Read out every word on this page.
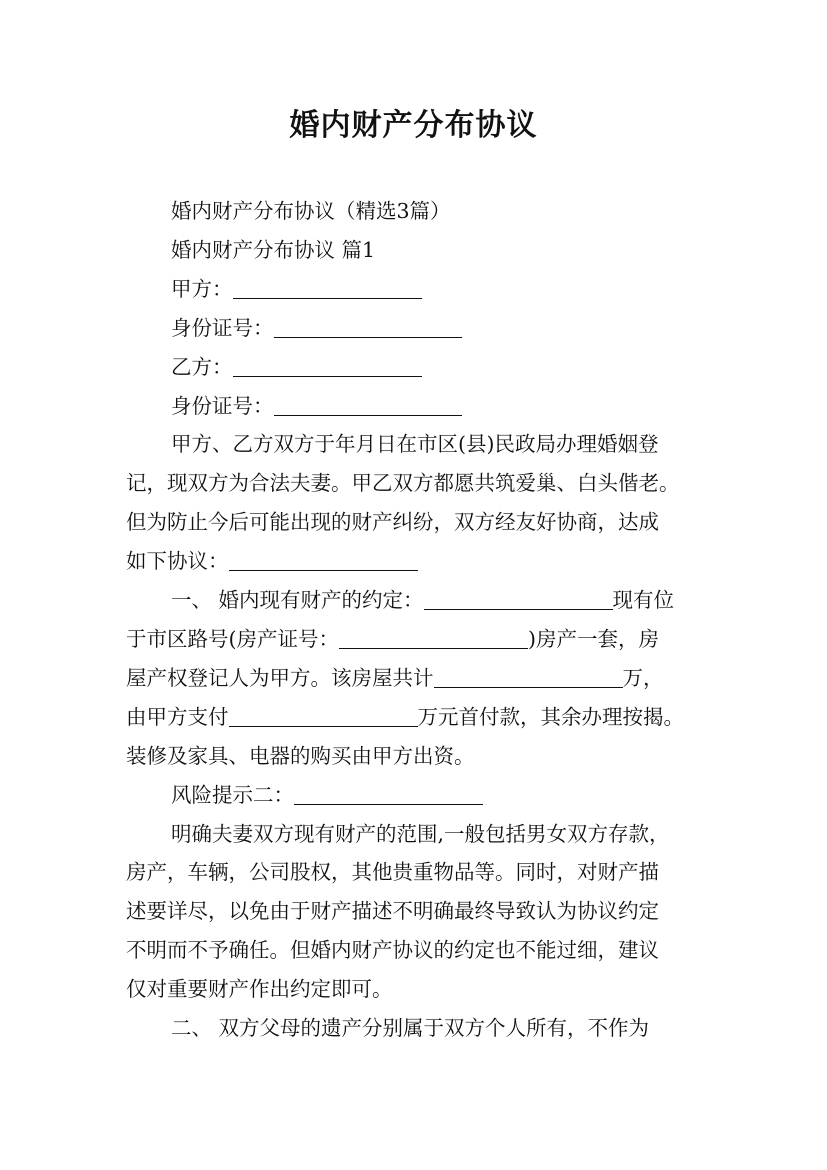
婚内财产分布协议
婚内财产分布协议（精选3篇）
婚内财产分布协议 篇1
甲方：
身份证号：
乙方：
身份证号：
甲方、乙方双方于年月日在市区(县)民政局办理婚姻登
记，现双方为合法夫妻。甲乙双方都愿共筑爱巢、白头偕老。
但为防止今后可能出现的财产纠纷，双方经友好协商，达成
如下协议：
一、 婚内现有财产的约定：	现有位
于市区路号(房产证号：	)房产一套，房
屋产权登记人为甲方。该房屋共计	万，
由甲方支付	万元首付款，其余办理按揭。
装修及家具、电器的购买由甲方出资。
风险提示二：
明确夫妻双方现有财产的范围,一般包括男女双方存款，
房产，车辆，公司股权，其他贵重物品等。同时，对财产描
述要详尽，以免由于财产描述不明确最终导致认为协议约定
不明而不予确任。但婚内财产协议的约定也不能过细，建议
仅对重要财产作出约定即可。
二、 双方父母的遗产分别属于双方个人所有，不作为
